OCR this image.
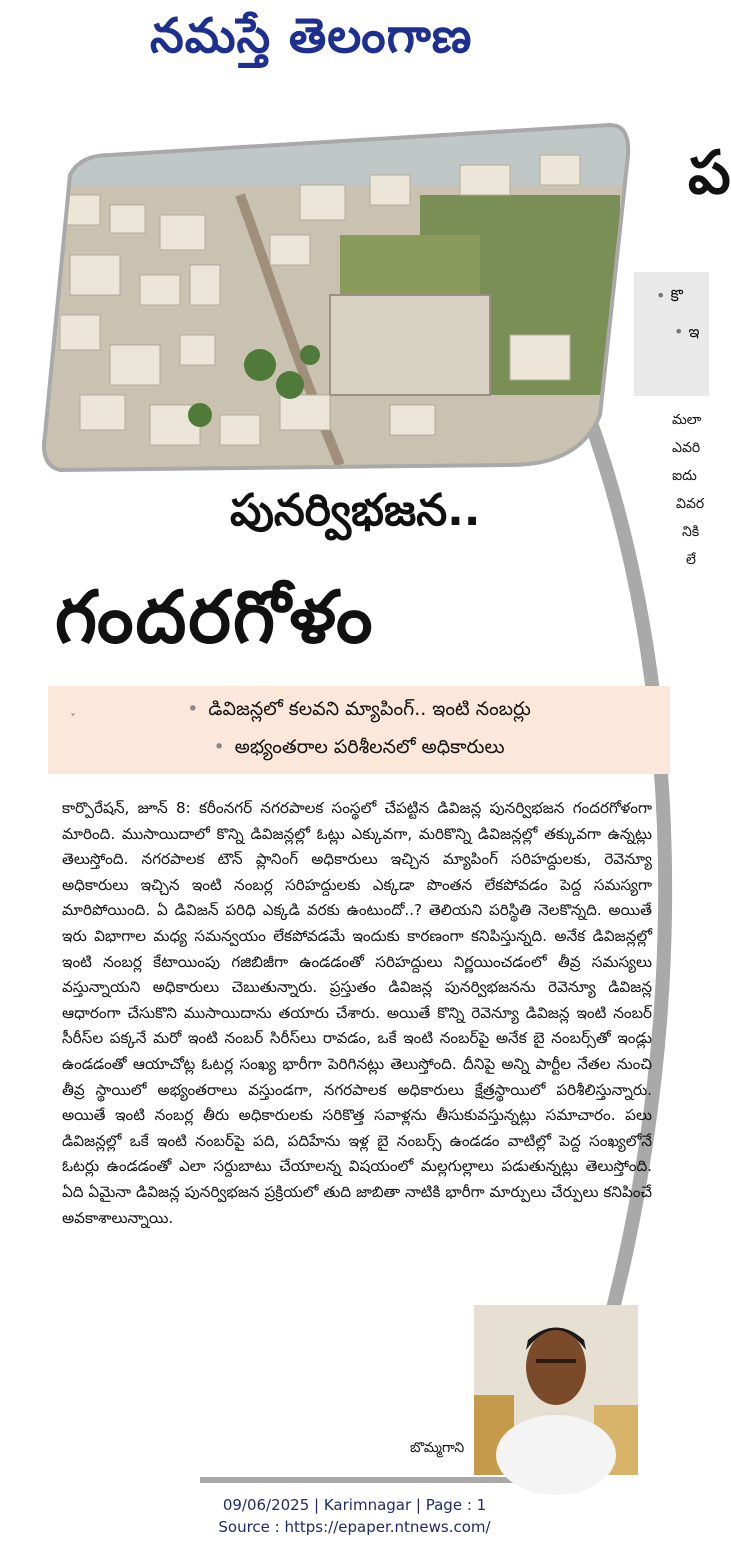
నమస్తే తెలంగాణ
ప
• కొ
• ఇ
మలా
ఎవరి
ఐదు
వివర
నికి
లే
పునర్విభజన..
గందరగోళం
• డివిజన్లలో కలవని మ్యాపింగ్.. ఇంటి నంబర్లు
• అభ్యంతరాల పరిశీలనలో అధికారులు
ˇ
కార్పొరేషన్, జూన్ 8: కరీంనగర్ నగరపాలక సంస్థలో చేపట్టిన డివిజన్ల పునర్విభజన గందరగోళంగా మారింది. ముసాయిదాలో కొన్ని డివిజన్లల్లో ఓట్లు ఎక్కువగా, మరికొన్ని డివిజన్లల్లో తక్కువగా ఉన్నట్లు తెలుస్తోంది. నగరపాలక టౌన్ ప్లానింగ్ అధికారులు ఇచ్చిన మ్యాపింగ్ సరిహద్దులకు, రెవెన్యూ అధికారులు ఇచ్చిన ఇంటి నంబర్ల సరిహద్దులకు ఎక్కడా పొంతన లేకపోవడం పెద్ద సమస్యగా మారిపోయింది. ఏ డివిజన్ పరిధి ఎక్కడి వరకు ఉంటుందో..? తెలియని పరిస్థితి నెలకొన్నది. అయితే ఇరు విభాగాల మధ్య సమన్వయం లేకపోవడమే ఇందుకు కారణంగా కనిపిస్తున్నది. అనేక డివిజన్లల్లో ఇంటి నంబర్ల కేటాయింపు గజిబిజీగా ఉండడంతో సరిహద్దులు నిర్ణయించడంలో తీవ్ర సమస్యలు వస్తున్నాయని అధికారులు చెబుతున్నారు. ప్రస్తుతం డివిజన్ల పునర్విభజనను రెవెన్యూ డివిజన్ల ఆధారంగా చేసుకొని ముసాయిదాను తయారు చేశారు. అయితే కొన్ని రెవెన్యూ డివిజన్ల ఇంటి నంబర్ సీరీస్‌ల పక్కనే మరో ఇంటి నంబర్ సిరీస్‌లు రావడం, ఒకే ఇంటి నంబర్‌పై అనేక బై నంబర్స్‌తో ఇండ్లు ఉండడంతో ఆయాచోట్ల ఓటర్ల సంఖ్య భారీగా పెరిగినట్లు తెలుస్తోంది. దీనిపై అన్ని పార్టీల నేతల నుంచి తీవ్ర స్థాయిలో అభ్యంతరాలు వస్తుండగా, నగరపాలక అధికారులు క్షేత్రస్థాయిలో పరిశీలిస్తున్నారు. అయితే ఇంటి నంబర్ల తీరు అధికారులకు సరికొత్త సవాళ్లను తీసుకువస్తున్నట్లు సమాచారం. పలు డివిజన్లల్లో ఒకే ఇంటి నంబర్‌పై పది, పదిహేను ఇళ్ల బై నంబర్స్ ఉండడం వాటిల్లో పెద్ద సంఖ్యలోనే ఓటర్లు ఉండడంతో ఎలా సర్దుబాటు చేయాలన్న విషయంలో మల్లగుల్లాలు పడుతున్నట్లు తెలుస్తోంది. ఏది ఏమైనా డివిజన్ల పునర్విభజన ప్రక్రియలో తుది జాబితా నాటికి భారీగా మార్పులు చేర్పులు కనిపించే అవకాశాలున్నాయి.
బొమ్మగాని
09/06/2025 | Karimnagar | Page : 1
Source : https://epaper.ntnews.com/
